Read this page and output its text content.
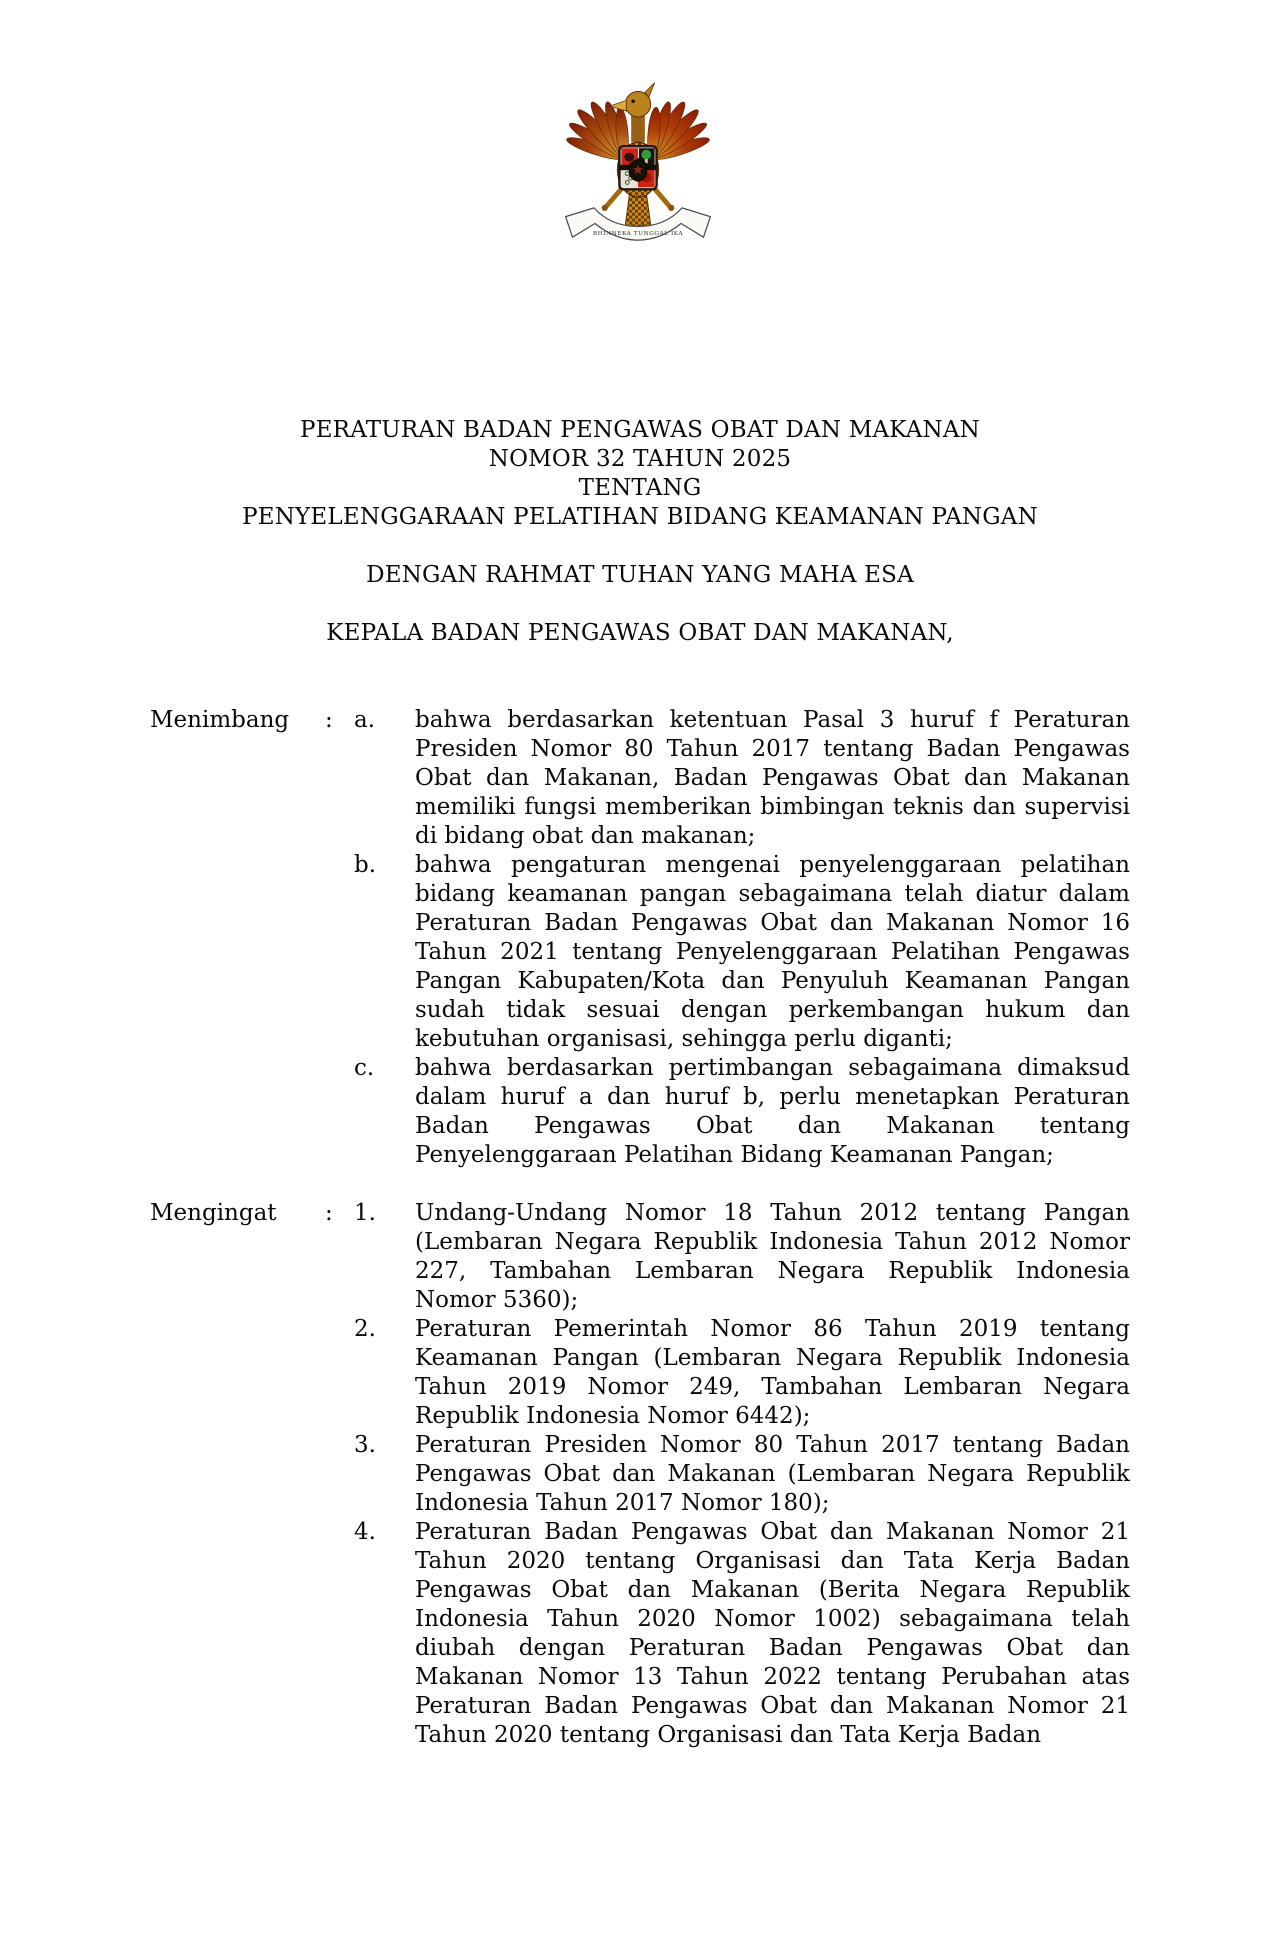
BHINNEKA TUNGGAL IKA
PERATURAN BADAN PENGAWAS OBAT DAN MAKANAN
NOMOR 32 TAHUN 2025
TENTANG
PENYELENGGARAAN PELATIHAN BIDANG KEAMANAN PANGAN
DENGAN RAHMAT TUHAN YANG MAHA ESA
KEPALA BADAN PENGAWAS OBAT DAN MAKANAN,
Menimbang	: a.	bahwa berdasarkan ketentuan Pasal 3 huruf f Peraturan Presiden Nomor 80 Tahun 2017 tentang Badan Pengawas Obat dan Makanan, Badan Pengawas Obat dan Makanan memiliki fungsi memberikan bimbingan teknis dan supervisi di bidang obat dan makanan;
b.	bahwa pengaturan mengenai penyelenggaraan pelatihan bidang keamanan pangan sebagaimana telah diatur dalam Peraturan Badan Pengawas Obat dan Makanan Nomor 16 Tahun 2021 tentang Penyelenggaraan Pelatihan Pengawas Pangan Kabupaten/Kota dan Penyuluh Keamanan Pangan sudah tidak sesuai dengan perkembangan hukum dan kebutuhan organisasi, sehingga perlu diganti;
c.	bahwa berdasarkan pertimbangan sebagaimana dimaksud dalam huruf a dan huruf b, perlu menetapkan Peraturan Badan Pengawas Obat dan Makanan tentang Penyelenggaraan Pelatihan Bidang Keamanan Pangan;
Mengingat	: 1.	Undang-Undang Nomor 18 Tahun 2012 tentang Pangan (Lembaran Negara Republik Indonesia Tahun 2012 Nomor 227, Tambahan Lembaran Negara Republik Indonesia Nomor 5360);
2.	Peraturan Pemerintah Nomor 86 Tahun 2019 tentang Keamanan Pangan (Lembaran Negara Republik Indonesia Tahun 2019 Nomor 249, Tambahan Lembaran Negara Republik Indonesia Nomor 6442);
3.	Peraturan Presiden Nomor 80 Tahun 2017 tentang Badan Pengawas Obat dan Makanan (Lembaran Negara Republik Indonesia Tahun 2017 Nomor 180);
4.	Peraturan Badan Pengawas Obat dan Makanan Nomor 21 Tahun 2020 tentang Organisasi dan Tata Kerja Badan Pengawas Obat dan Makanan (Berita Negara Republik Indonesia Tahun 2020 Nomor 1002) sebagaimana telah diubah dengan Peraturan Badan Pengawas Obat dan Makanan Nomor 13 Tahun 2022 tentang Perubahan atas Peraturan Badan Pengawas Obat dan Makanan Nomor 21 Tahun 2020 tentang Organisasi dan Tata Kerja Badan
